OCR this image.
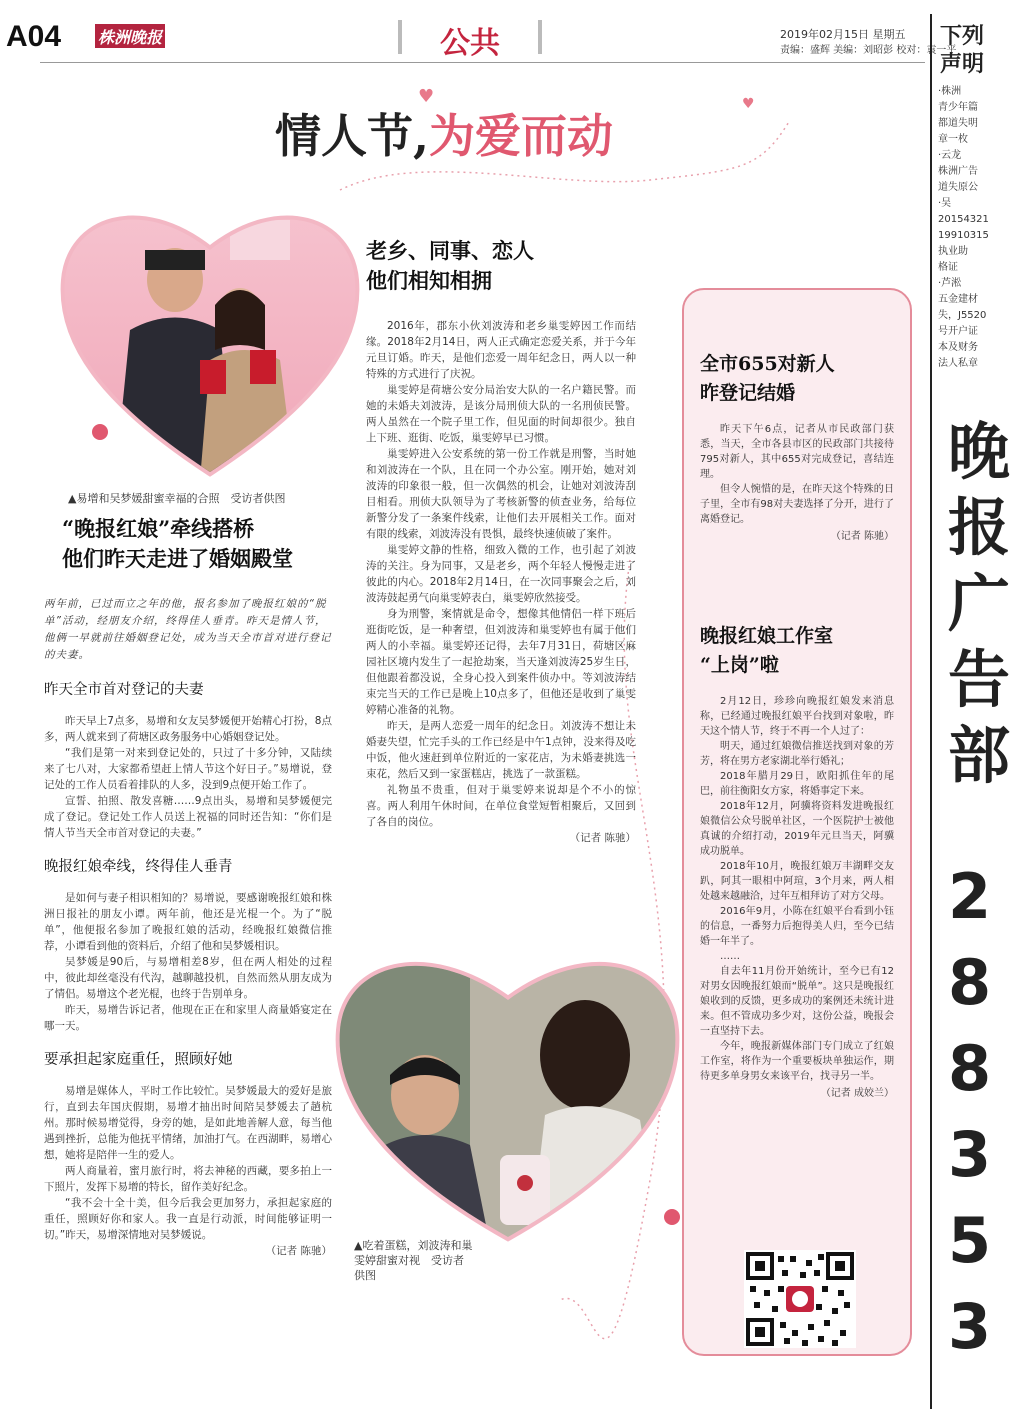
A04 株洲晚报	公共	2019年02月15日 星期五
责编：盛辉 美编：刘昭彭 校对：袁一平
情人节,为爱而动
♥	♥
▲易增和吴梦媛甜蜜幸福的合照　受访者供图
“晚报红娘”牵线搭桥
他们昨天走进了婚姻殿堂

两年前，已过而立之年的他，报名参加了晚报红娘的“脱单”活动，经朋友介绍，终得佳人垂青。昨天是情人节，他俩一早就前往婚姻登记处，成为当天全市首对进行登记的夫妻。

昨天全市首对登记的夫妻

昨天早上7点多，易增和女友吴梦媛便开始精心打扮，8点多，两人就来到了荷塘区政务服务中心婚姻登记处。

“我们是第一对来到登记处的，只过了十多分钟，又陆续来了七八对，大家都希望赶上情人节这个好日子。”易增说，登记处的工作人员看着排队的人多，没到9点便开始工作了。

宣誓、拍照、散发喜糖……9点出头，易增和吴梦媛便完成了登记。登记处工作人员送上祝福的同时还告知：“你们是情人节当天全市首对登记的夫妻。”

晚报红娘牵线，终得佳人垂青

是如何与妻子相识相知的？易增说，要感谢晚报红娘和株洲日报社的朋友小谭。两年前，他还是光棍一个。为了“脱单”，他便报名参加了晚报红娘的活动，经晚报红娘微信推荐，小谭看到他的资料后，介绍了他和吴梦媛相识。

吴梦媛是90后，与易增相差8岁，但在两人相处的过程中，彼此却丝毫没有代沟，越聊越投机，自然而然从朋友成为了情侣。易增这个老光棍，也终于告别单身。

昨天，易增告诉记者，他现在正在和家里人商量婚宴定在哪一天。

要承担起家庭重任，照顾好她

易增是媒体人，平时工作比较忙。吴梦媛最大的爱好是旅行，直到去年国庆假期，易增才抽出时间陪吴梦媛去了趟杭州。那时候易增觉得，身旁的她，是如此地善解人意，每当他遇到挫折，总能为他抚平情绪，加油打气。在西湖畔，易增心想，她将是陪伴一生的爱人。

两人商量着，蜜月旅行时，将去神秘的西藏，要多拍上一下照片，发挥下易增的特长，留作美好纪念。

“我不会十全十美，但今后我会更加努力，承担起家庭的重任，照顾好你和家人。我一直是行动派，时间能够证明一切。”昨天，易增深情地对吴梦媛说。

（记者 陈驰）

老乡、同事、恋人
他们相知相拥

2016年，郡东小伙刘波涛和老乡巢雯婷因工作而结缘。2018年2月14日，两人正式确定恋爱关系，并于今年元旦订婚。昨天，是他们恋爱一周年纪念日，两人以一种特殊的方式进行了庆祝。

巢雯婷是荷塘公安分局治安大队的一名户籍民警。而她的未婚夫刘波涛，是该分局刑侦大队的一名刑侦民警。两人虽然在一个院子里工作，但见面的时间却很少。独自上下班、逛街、吃饭，巢雯婷早已习惯。

巢雯婷进入公安系统的第一份工作就是刑警，当时她和刘波涛在一个队，且在同一个办公室。刚开始，她对刘波涛的印象很一般，但一次偶然的机会，让她对刘波涛刮目相看。刑侦大队领导为了考核新警的侦查业务，给每位新警分发了一条案件线索，让他们去开展相关工作。面对有限的线索，刘波涛没有畏惧，最终快速侦破了案件。

巢雯婷文静的性格，细致入微的工作，也引起了刘波涛的关注。身为同事，又是老乡，两个年轻人慢慢走进了彼此的内心。2018年2月14日，在一次同事聚会之后，刘波涛鼓起勇气向巢雯婷表白，巢雯婷欣然接受。

身为刑警，案情就是命令，想像其他情侣一样下班后逛街吃饭，是一种奢望，但刘波涛和巢雯婷也有属于他们两人的小幸福。巢雯婷还记得，去年7月31日，荷塘区麻园社区境内发生了一起抢劫案，当天逢刘波涛25岁生日，但他跟着都没说，全身心投入到案件侦办中。等刘波涛结束完当天的工作已是晚上10点多了，但他还是收到了巢雯婷精心准备的礼物。

昨天，是两人恋爱一周年的纪念日。刘波涛不想让未婚妻失望，忙完手头的工作已经是中午1点钟，没来得及吃中饭，他火速赶到单位附近的一家花店，为未婚妻挑选一束花，然后又到一家蛋糕店，挑选了一款蛋糕。

礼物虽不贵重，但对于巢雯婷来说却是个不小的惊喜。两人利用午休时间，在单位食堂短暂相聚后，又回到了各自的岗位。

（记者 陈驰）

▲吃着蛋糕，刘波涛和巢雯婷甜蜜对视　受访者供图
全市655对新人
昨登记结婚

昨天下午6点，记者从市民政部门获悉，当天，全市各县市区的民政部门共接待795对新人，其中655对完成登记，喜结连理。

但令人惋惜的是，在昨天这个特殊的日子里，全市有98对夫妻选择了分开，进行了离婚登记。

（记者 陈驰）

晚报红娘工作室
“上岗”啦

2月12日，珍珍向晚报红娘发来消息称，已经通过晚报红娘平台找到对象啦，昨天这个情人节，终于不再一个人过了：

明天，通过红娘微信推送找到对象的芳芳，将在男方老家湖北举行婚礼；

2018年腊月29日，欧阳抓住年的尾巴，前往衡阳女方家，将婚事定下来。

2018年12月，阿骥将资料发进晚报红娘微信公众号脱单社区，一个医院护士被他真诚的介绍打动，2019年元旦当天，阿骥成功脱单。

2018年10月，晚报红娘万丰湖畔交友趴，阿其一眼相中阿瑄，3个月来，两人相处越来越融洽，过年互相拜访了对方父母。

2016年9月，小陈在红娘平台看到小钰的信息，一番努力后抱得美人归，至今已结婚一年半了。

……

自去年11月份开始统计，至今已有12对男女因晚报红娘而“脱单”。这只是晚报红娘收到的反馈，更多成功的案例还未统计进来。但不管成功多少对，这份公益，晚报会一直坚持下去。

今年，晚报新媒体部门专门成立了红娘工作室，将作为一个重要板块单独运作，期待更多单身男女来该平台，找寻另一半。

（记者 成姣兰）

下列
声明
·株洲
青少年篇
都道失明
章一枚
·云龙
株洲广告
道失原公
·吴
20154321
19910315
执业助
格证
·芦淞
五金建材
失，J5520
号开户证
本及财务
法人私章
晚
报
广
告
部
2
8
8
3
5
3
